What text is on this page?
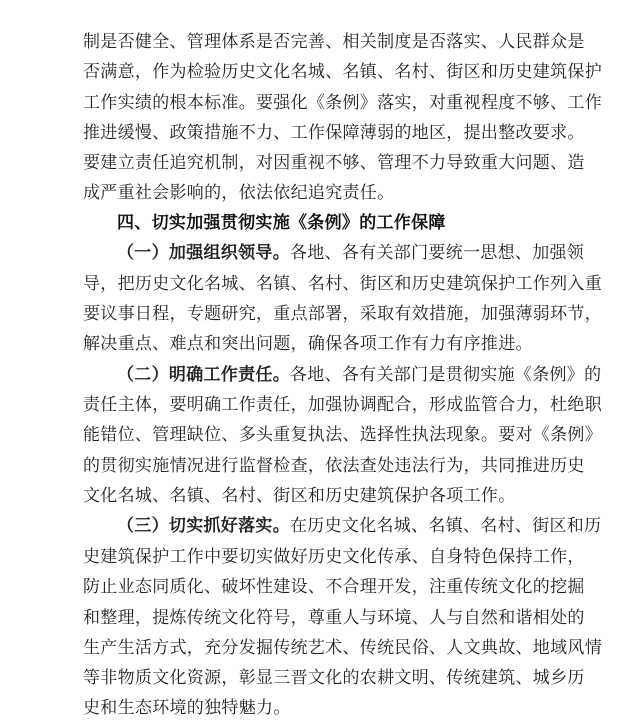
制是否健全、管理体系是否完善、相关制度是否落实、人民群众是
否满意，作为检验历史文化名城、名镇、名村、街区和历史建筑保护
工作实绩的根本标准。要强化《条例》落实，对重视程度不够、工作
推进缓慢、政策措施不力、工作保障薄弱的地区，提出整改要求。
要建立责任追究机制，对因重视不够、管理不力导致重大问题、造
成严重社会影响的，依法依纪追究责任。
四、切实加强贯彻实施《条例》的工作保障
（一）加强组织领导。各地、各有关部门要统一思想、加强领
导，把历史文化名城、名镇、名村、街区和历史建筑保护工作列入重
要议事日程，专题研究，重点部署，采取有效措施，加强薄弱环节，
解决重点、难点和突出问题，确保各项工作有力有序推进。
（二）明确工作责任。各地、各有关部门是贯彻实施《条例》的
责任主体，要明确工作责任，加强协调配合，形成监管合力，杜绝职
能错位、管理缺位、多头重复执法、选择性执法现象。要对《条例》
的贯彻实施情况进行监督检查，依法查处违法行为，共同推进历史
文化名城、名镇、名村、街区和历史建筑保护各项工作。
（三）切实抓好落实。在历史文化名城、名镇、名村、街区和历
史建筑保护工作中要切实做好历史文化传承、自身特色保持工作，
防止业态同质化、破坏性建设、不合理开发，注重传统文化的挖掘
和整理，提炼传统文化符号，尊重人与环境、人与自然和谐相处的
生产生活方式，充分发掘传统艺术、传统民俗、人文典故、地域风情
等非物质文化资源，彰显三晋文化的农耕文明、传统建筑、城乡历
史和生态环境的独特魅力。
